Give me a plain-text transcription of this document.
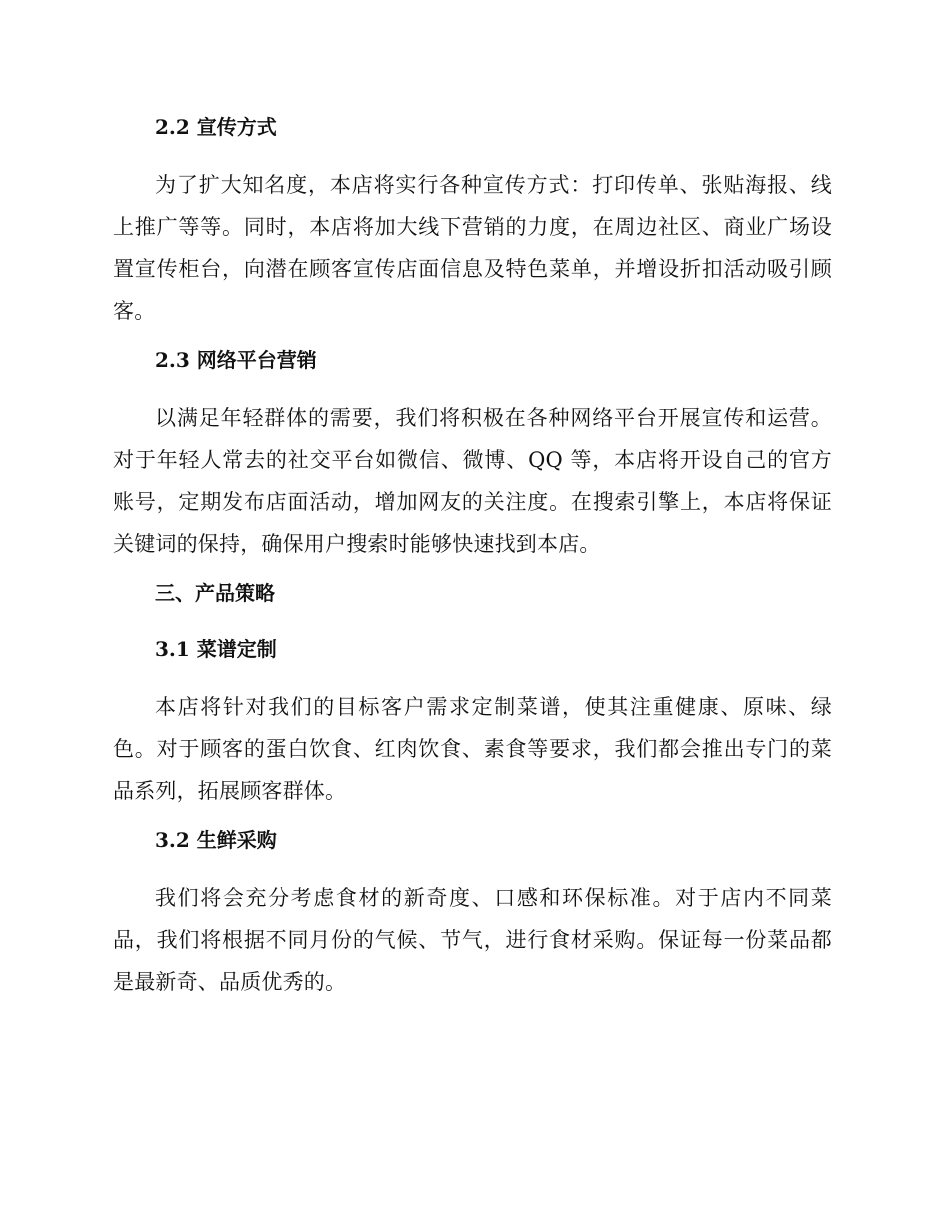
2.2 宣传方式

为了扩大知名度，本店将实行各种宣传方式：打印传单、张贴海报、线上推广等等。同时，本店将加大线下营销的力度，在周边社区、商业广场设置宣传柜台，向潜在顾客宣传店面信息及特色菜单，并增设折扣活动吸引顾客。

2.3 网络平台营销

以满足年轻群体的需要，我们将积极在各种网络平台开展宣传和运营。对于年轻人常去的社交平台如微信、微博、QQ 等，本店将开设自己的官方账号，定期发布店面活动，增加网友的关注度。在搜索引擎上，本店将保证关键词的保持，确保用户搜索时能够快速找到本店。

三、产品策略
3.1 菜谱定制

本店将针对我们的目标客户需求定制菜谱，使其注重健康、原味、绿色。对于顾客的蛋白饮食、红肉饮食、素食等要求，我们都会推出专门的菜品系列，拓展顾客群体。

3.2 生鲜采购

我们将会充分考虑食材的新奇度、口感和环保标准。对于店内不同菜品，我们将根据不同月份的气候、节气，进行食材采购。保证每一份菜品都是最新奇、品质优秀的。
